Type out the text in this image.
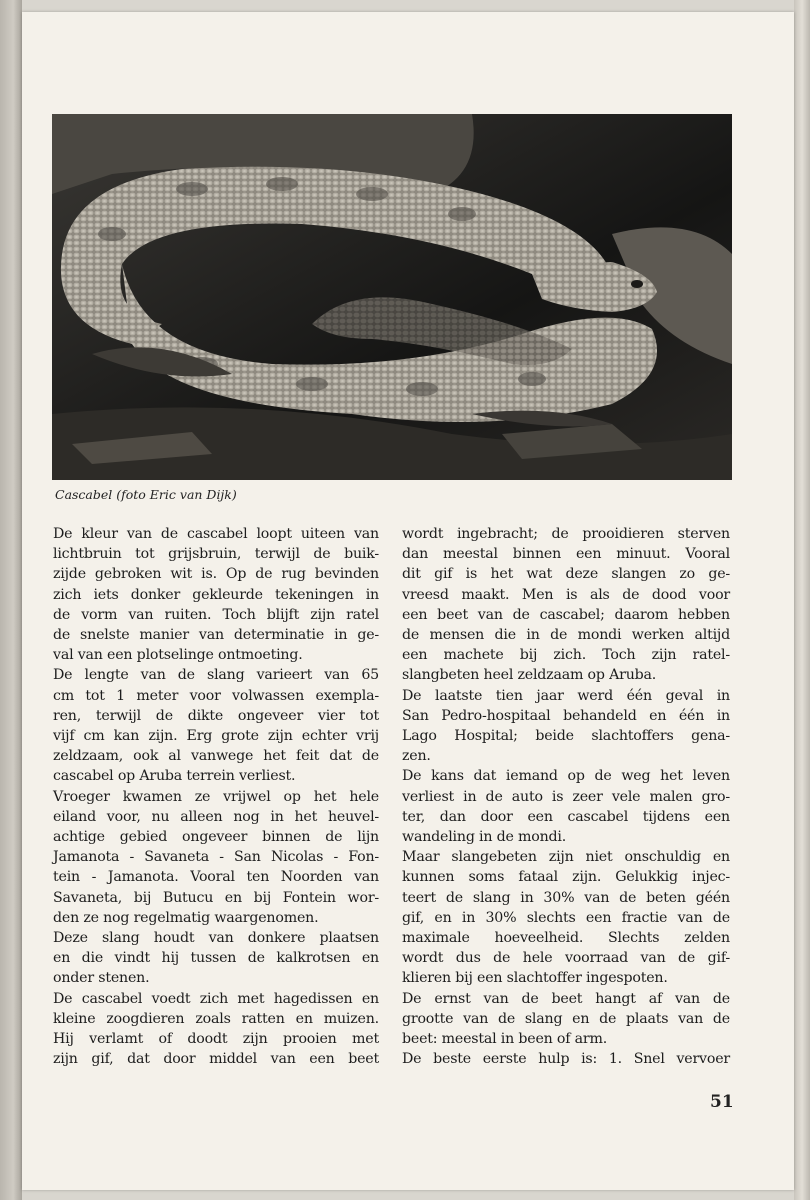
Cascabel (foto Eric van Dijk)
De kleur van de cascabel loopt uiteen van
lichtbruin tot grijsbruin, terwijl de buik-
zijde gebroken wit is. Op de rug bevinden
zich iets donker gekleurde tekeningen in
de vorm van ruiten. Toch blijft zijn ratel
de snelste manier van determinatie in ge-
val van een plotselinge ontmoeting.
De lengte van de slang varieert van 65
cm tot 1 meter voor volwassen exempla-
ren, terwijl de dikte ongeveer vier tot
vijf cm kan zijn. Erg grote zijn echter vrij
zeldzaam, ook al vanwege het feit dat de
cascabel op Aruba terrein verliest.
Vroeger kwamen ze vrijwel op het hele
eiland voor, nu alleen nog in het heuvel-
achtige gebied ongeveer binnen de lijn
Jamanota - Savaneta - San Nicolas - Fon-
tein - Jamanota. Vooral ten Noorden van
Savaneta, bij Butucu en bij Fontein wor-
den ze nog regelmatig waargenomen.
Deze slang houdt van donkere plaatsen
en die vindt hij tussen de kalkrotsen en
onder stenen.
De cascabel voedt zich met hagedissen en
kleine zoogdieren zoals ratten en muizen.
Hij verlamt of doodt zijn prooien met
zijn gif, dat door middel van een beet
wordt ingebracht; de prooidieren sterven
dan meestal binnen een minuut. Vooral
dit gif is het wat deze slangen zo ge-
vreesd maakt. Men is als de dood voor
een beet van de cascabel; daarom hebben
de mensen die in de mondi werken altijd
een machete bij zich. Toch zijn ratel-
slangbeten heel zeldzaam op Aruba.
De laatste tien jaar werd één geval in
San Pedro-hospitaal behandeld en één in
Lago Hospital; beide slachtoffers gena-
zen.
De kans dat iemand op de weg het leven
verliest in de auto is zeer vele malen gro-
ter, dan door een cascabel tijdens een
wandeling in de mondi.
Maar slangebeten zijn niet onschuldig en
kunnen soms fataal zijn. Gelukkig injec-
teert de slang in 30% van de beten géén
gif, en in 30% slechts een fractie van de
maximale hoeveelheid. Slechts zelden
wordt dus de hele voorraad van de gif-
klieren bij een slachtoffer ingespoten.
De ernst van de beet hangt af van de
grootte van de slang en de plaats van de
beet: meestal in been of arm.
De beste eerste hulp is: 1. Snel vervoer
51
